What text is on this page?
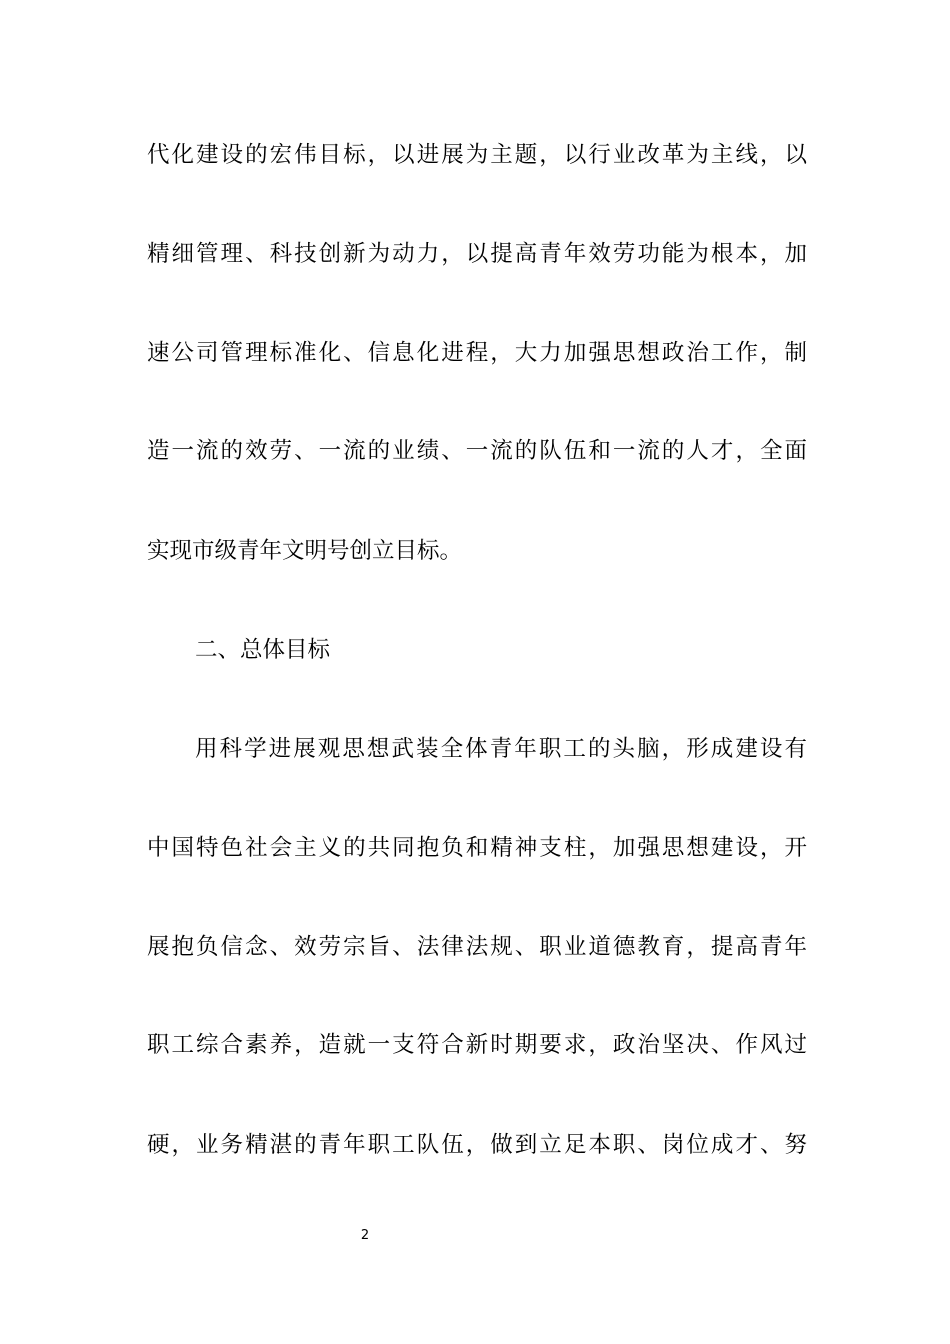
代化建设的宏伟目标，以进展为主题，以行业改革为主线，以
精细管理、科技创新为动力，以提高青年效劳功能为根本，加
速公司管理标准化、信息化进程，大力加强思想政治工作，制
造一流的效劳、一流的业绩、一流的队伍和一流的人才，全面
实现市级青年文明号创立目标。
二、总体目标
用科学进展观思想武装全体青年职工的头脑，形成建设有
中国特色社会主义的共同抱负和精神支柱，加强思想建设，开
展抱负信念、效劳宗旨、法律法规、职业道德教育，提高青年
职工综合素养，造就一支符合新时期要求，政治坚决、作风过
硬，业务精湛的青年职工队伍，做到立足本职、岗位成才、努
2
